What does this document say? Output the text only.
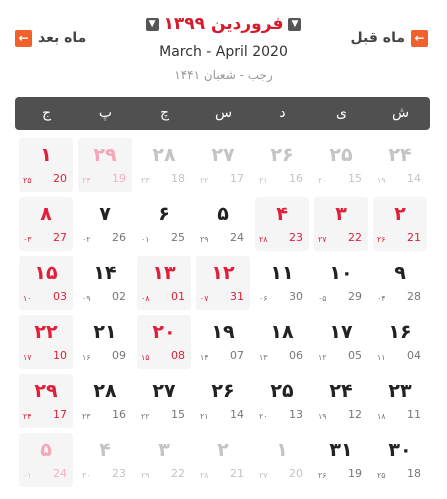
ماه قبل ←
← ماه بعد
▼ فروردین ۱۳۹۹ ▼
March - April 2020
رجب - شعبان ۱۴۴۱
ش
ی
د
س
چ
پ
ج
۲۴
14
۱۹
۲۵
15
۲۰
۲۶
16
۲۱
۲۷
17
۲۲
۲۸
18
۲۳
۲۹
19
۲۴
۱
20
۲۵
۲
21
۲۶
۳
22
۲۷
۴
23
۲۸
۵
24
۲۹
۶
25
۰۱
۷
26
۰۲
۸
27
۰۳
۹
28
۰۴
۱۰
29
۰۵
۱۱
30
۰۶
۱۲
31
۰۷
۱۳
01
۰۸
۱۴
02
۰۹
۱۵
03
۱۰
۱۶
04
۱۱
۱۷
05
۱۲
۱۸
06
۱۳
۱۹
07
۱۴
۲۰
08
۱۵
۲۱
09
۱۶
۲۲
10
۱۷
۲۳
11
۱۸
۲۴
12
۱۹
۲۵
13
۲۰
۲۶
14
۲۱
۲۷
15
۲۲
۲۸
16
۲۳
۲۹
17
۲۴
۳۰
18
۲۵
۳۱
19
۲۶
۱
20
۲۷
۲
21
۲۸
۳
22
۲۹
۴
23
۳۰
۵
24
۰۱
